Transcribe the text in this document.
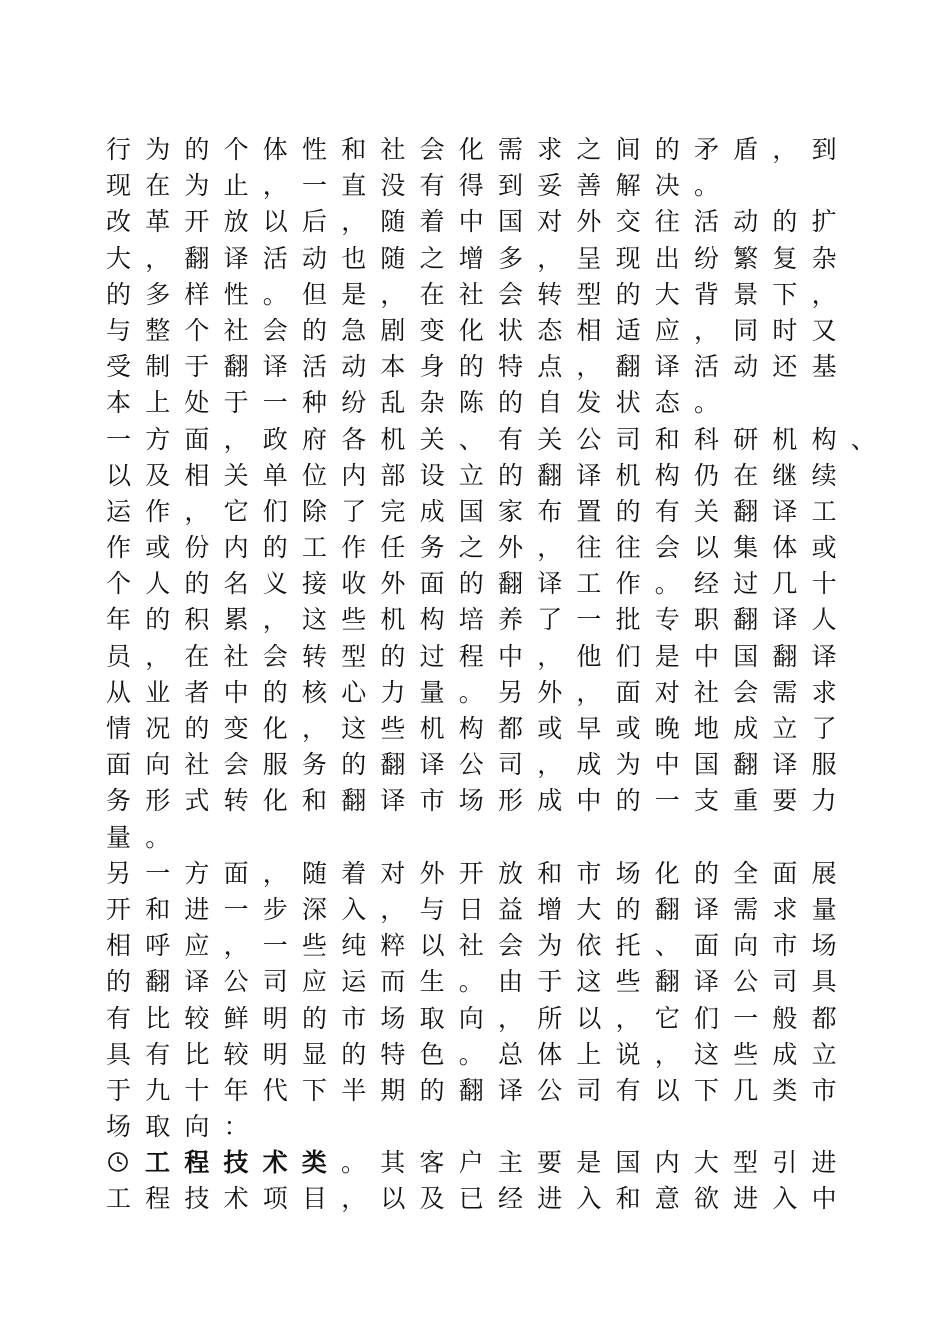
行为的个体性和社会化需求之间的矛盾，到
现在为止，一直没有得到妥善解决。
改革开放以后，随着中国对外交往活动的扩
大，翻译活动也随之增多，呈现出纷繁复杂
的多样性。但是，在社会转型的大背景下，
与整个社会的急剧变化状态相适应，同时又
受制于翻译活动本身的特点，翻译活动还基
本上处于一种纷乱杂陈的自发状态。
一方面，政府各机关、有关公司和科研机构、
以及相关单位内部设立的翻译机构仍在继续
运作，它们除了完成国家布置的有关翻译工
作或份内的工作任务之外，往往会以集体或
个人的名义接收外面的翻译工作。经过几十
年的积累，这些机构培养了一批专职翻译人
员，在社会转型的过程中，他们是中国翻译
从业者中的核心力量。另外，面对社会需求
情况的变化，这些机构都或早或晚地成立了
面向社会服务的翻译公司，成为中国翻译服
务形式转化和翻译市场形成中的一支重要力
量。
另一方面，随着对外开放和市场化的全面展
开和进一步深入，与日益增大的翻译需求量
相呼应，一些纯粹以社会为依托、面向市场
的翻译公司应运而生。由于这些翻译公司具
有比较鲜明的市场取向，所以，它们一般都
具有比较明显的特色。总体上说，这些成立
于九十年代下半期的翻译公司有以下几类市
场取向：
工程技术类。其客户主要是国内大型引进
工程技术项目，以及已经进入和意欲进入中
